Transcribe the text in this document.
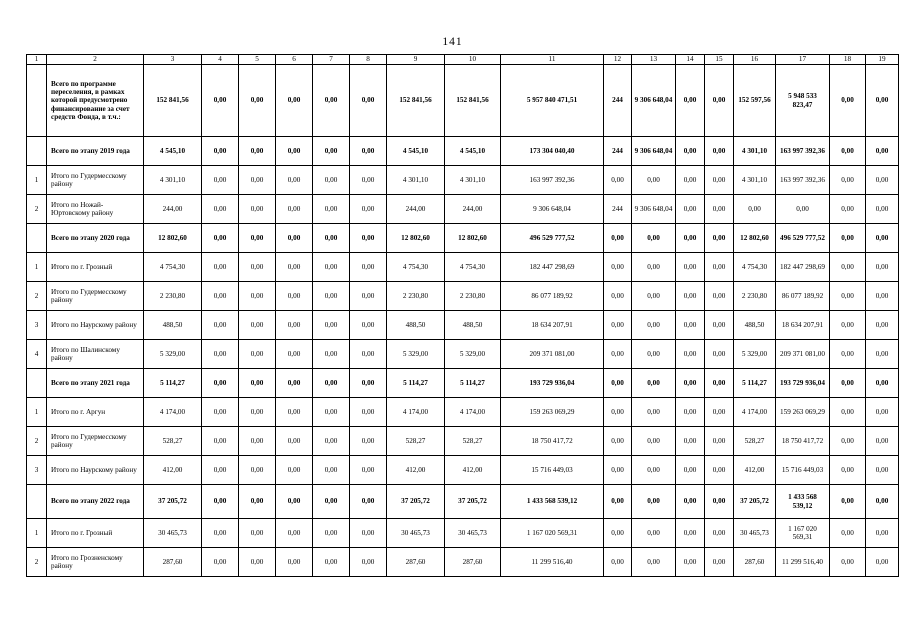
141
1	2	3	4	5	6	7	8	9	10	11	12	13	14	15	16	17	18	19
	Всего по программе переселения, в рамках которой предусмотрено финансирование за счет средств Фонда, в т.ч.:	152 841,56	0,00	0,00	0,00	0,00	0,00	152 841,56	152 841,56	5 957 840 471,51	244	9 306 648,04	0,00	0,00	152 597,56	5 948 533 823,47	0,00	0,00
	Всего по этапу 2019 года	4 545,10	0,00	0,00	0,00	0,00	0,00	4 545,10	4 545,10	173 304 040,40	244	9 306 648,04	0,00	0,00	4 301,10	163 997 392,36	0,00	0,00
1	Итого по Гудермесскому району	4 301,10	0,00	0,00	0,00	0,00	0,00	4 301,10	4 301,10	163 997 392,36	0,00	0,00	0,00	0,00	4 301,10	163 997 392,36	0,00	0,00
2	Итого по Ножай-Юртовскому району	244,00	0,00	0,00	0,00	0,00	0,00	244,00	244,00	9 306 648,04	244	9 306 648,04	0,00	0,00	0,00	0,00	0,00	0,00
	Всего по этапу 2020 года	12 802,60	0,00	0,00	0,00	0,00	0,00	12 802,60	12 802,60	496 529 777,52	0,00	0,00	0,00	0,00	12 802,60	496 529 777,52	0,00	0,00
1	Итого по г. Грозный	4 754,30	0,00	0,00	0,00	0,00	0,00	4 754,30	4 754,30	182 447 298,69	0,00	0,00	0,00	0,00	4 754,30	182 447 298,69	0,00	0,00
2	Итого по Гудермесскому району	2 230,80	0,00	0,00	0,00	0,00	0,00	2 230,80	2 230,80	86 077 189,92	0,00	0,00	0,00	0,00	2 230,80	86 077 189,92	0,00	0,00
3	Итого по Наурскому району	488,50	0,00	0,00	0,00	0,00	0,00	488,50	488,50	18 634 207,91	0,00	0,00	0,00	0,00	488,50	18 634 207,91	0,00	0,00
4	Итого по Шалинскому району	5 329,00	0,00	0,00	0,00	0,00	0,00	5 329,00	5 329,00	209 371 081,00	0,00	0,00	0,00	0,00	5 329,00	209 371 081,00	0,00	0,00
	Всего по этапу 2021 года	5 114,27	0,00	0,00	0,00	0,00	0,00	5 114,27	5 114,27	193 729 936,04	0,00	0,00	0,00	0,00	5 114,27	193 729 936,04	0,00	0,00
1	Итого по г. Аргун	4 174,00	0,00	0,00	0,00	0,00	0,00	4 174,00	4 174,00	159 263 069,29	0,00	0,00	0,00	0,00	4 174,00	159 263 069,29	0,00	0,00
2	Итого по Гудермесскому району	528,27	0,00	0,00	0,00	0,00	0,00	528,27	528,27	18 750 417,72	0,00	0,00	0,00	0,00	528,27	18 750 417,72	0,00	0,00
3	Итого по Наурскому району	412,00	0,00	0,00	0,00	0,00	0,00	412,00	412,00	15 716 449,03	0,00	0,00	0,00	0,00	412,00	15 716 449,03	0,00	0,00
	Всего по этапу 2022 года	37 205,72	0,00	0,00	0,00	0,00	0,00	37 205,72	37 205,72	1 433 568 539,12	0,00	0,00	0,00	0,00	37 205,72	1 433 568 539,12	0,00	0,00
1	Итого по г. Грозный	30 465,73	0,00	0,00	0,00	0,00	0,00	30 465,73	30 465,73	1 167 020 569,31	0,00	0,00	0,00	0,00	30 465,73	1 167 020 569,31	0,00	0,00
2	Итого по Грозненскому району	287,60	0,00	0,00	0,00	0,00	0,00	287,60	287,60	11 299 516,40	0,00	0,00	0,00	0,00	287,60	11 299 516,40	0,00	0,00
